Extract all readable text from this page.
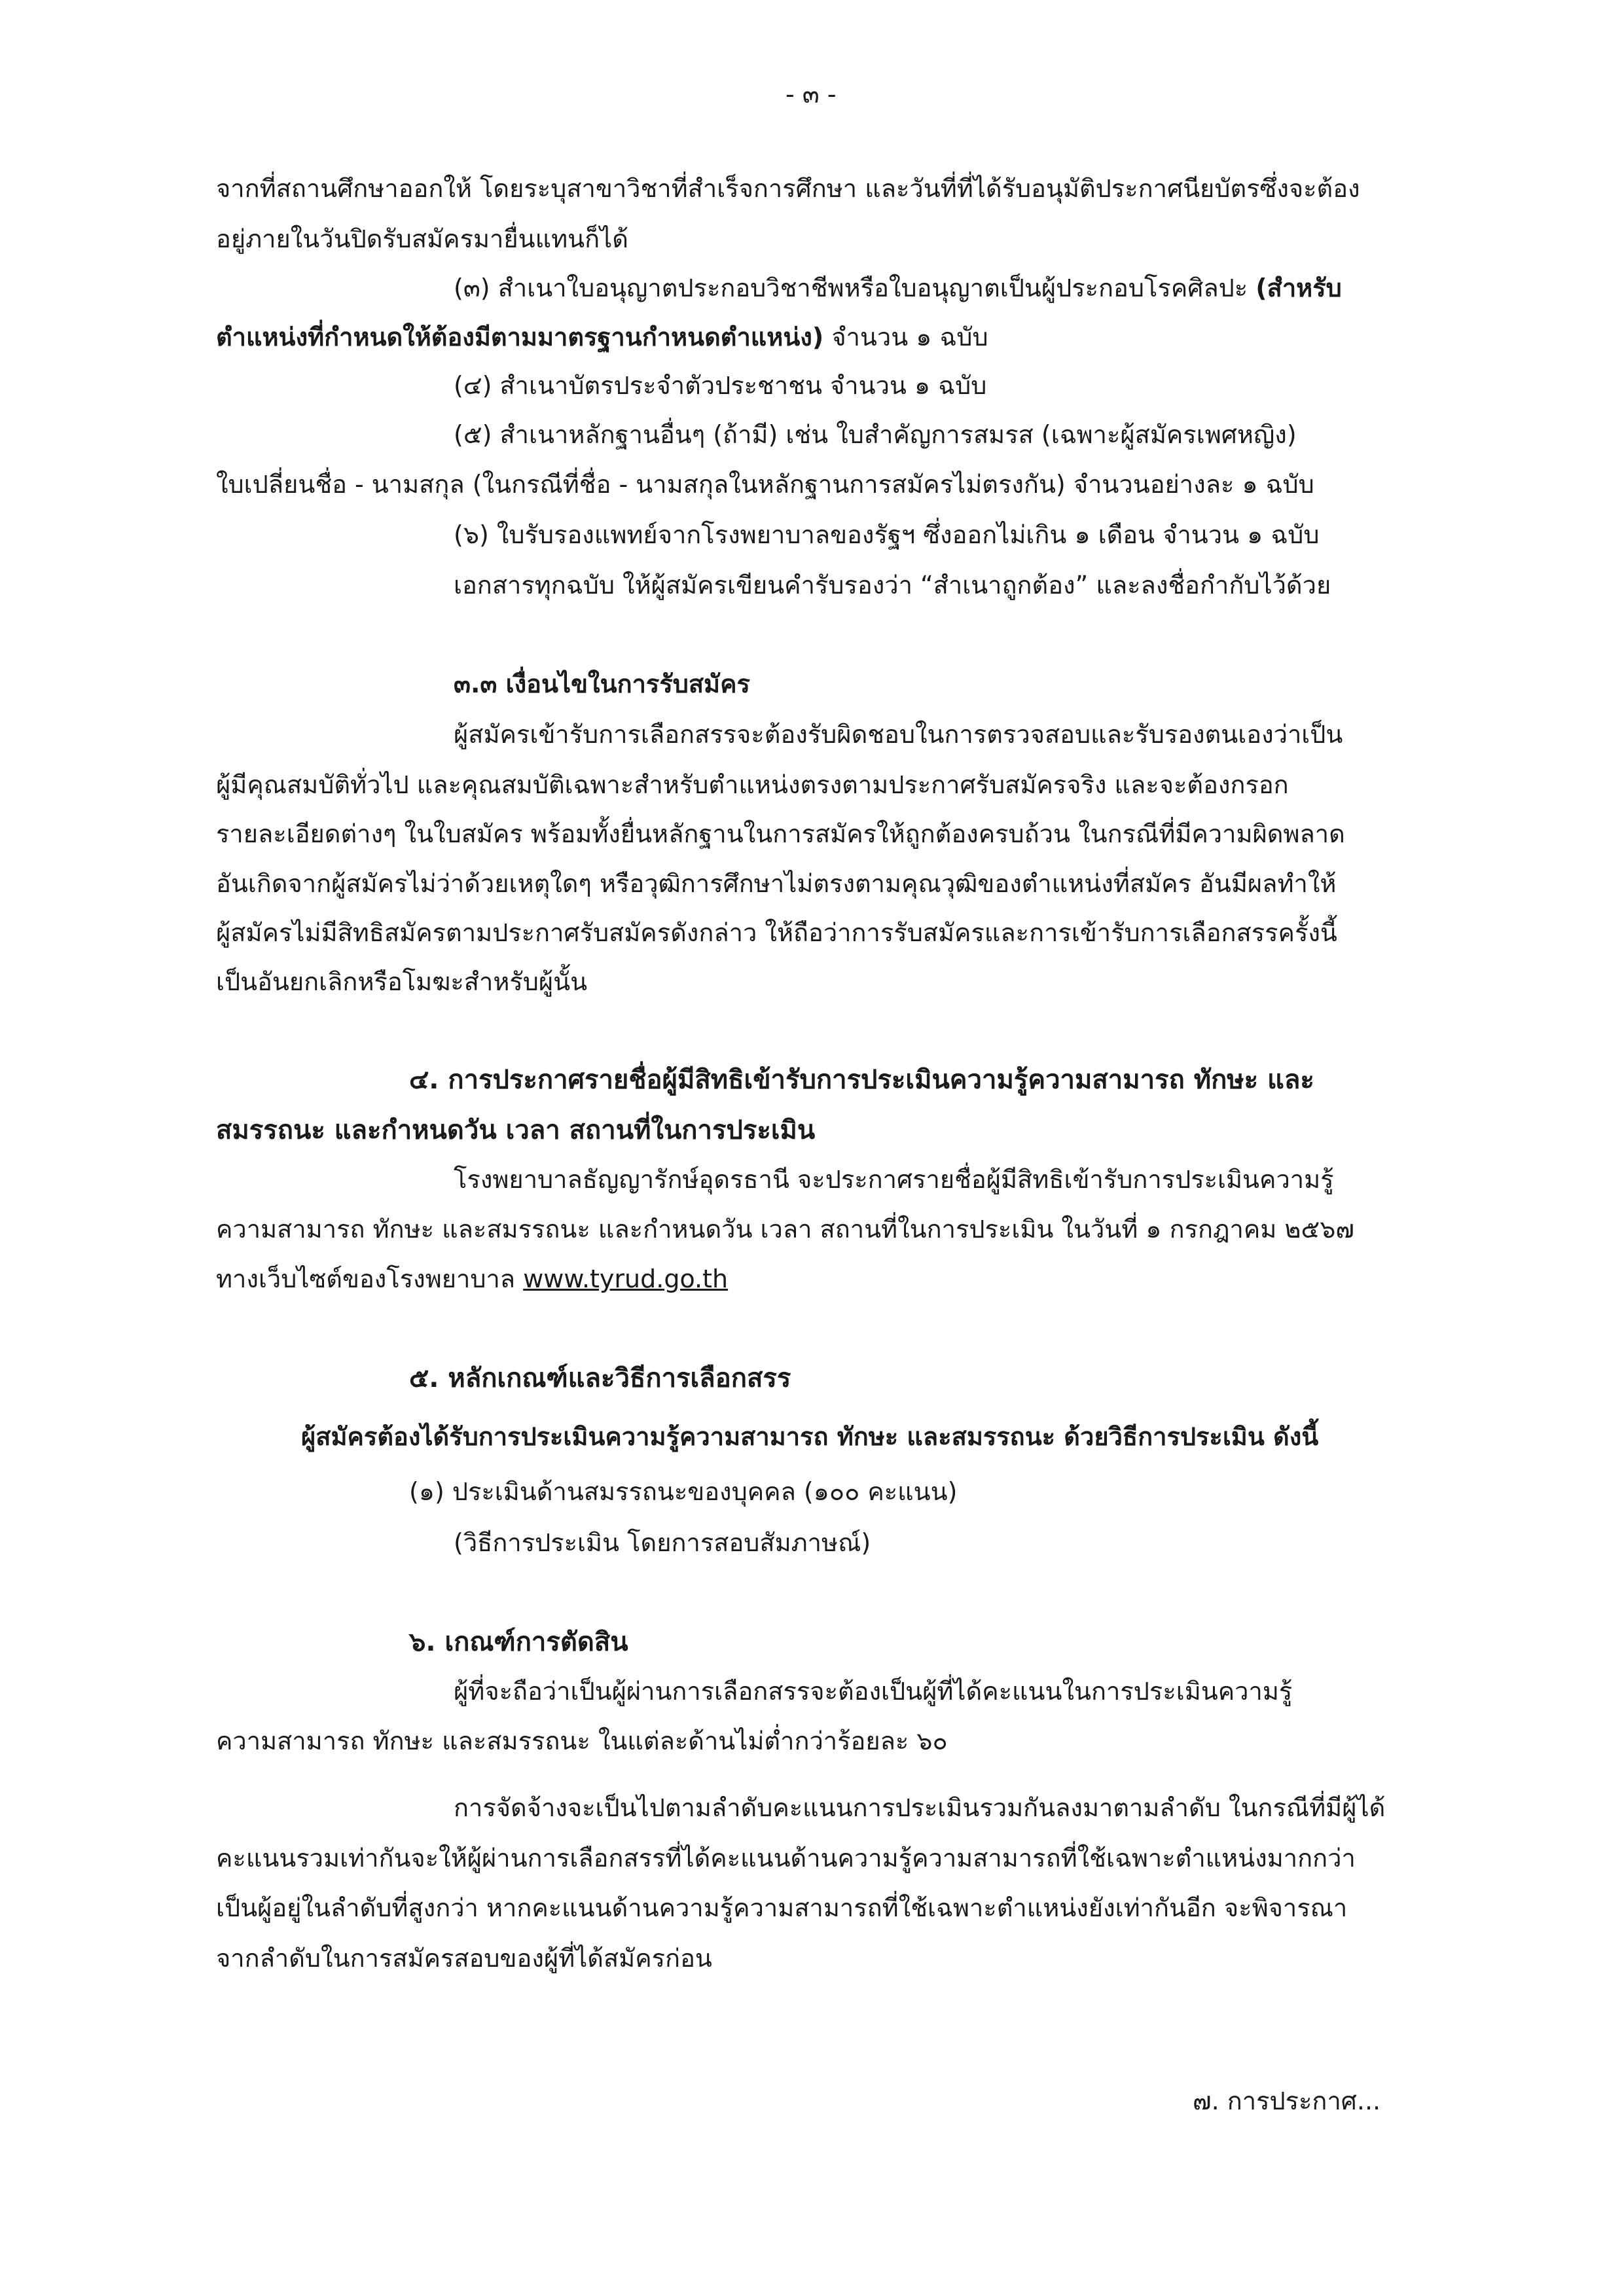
- ๓ -
จากที่สถานศึกษาออกให้ โดยระบุสาขาวิชาที่สำเร็จการศึกษา และวันที่ที่ได้รับอนุมัติประกาศนียบัตรซึ่งจะต้อง
อยู่ภายในวันปิดรับสมัครมายื่นแทนก็ได้
(๓) สำเนาใบอนุญาตประกอบวิชาชีพหรือใบอนุญาตเป็นผู้ประกอบโรคศิลปะ (สำหรับ
ตำแหน่งที่กำหนดให้ต้องมีตามมาตรฐานกำหนดตำแหน่ง) จำนวน ๑ ฉบับ
(๔) สำเนาบัตรประจำตัวประชาชน จำนวน ๑ ฉบับ
(๕) สำเนาหลักฐานอื่นๆ (ถ้ามี) เช่น ใบสำคัญการสมรส (เฉพาะผู้สมัครเพศหญิง)
ใบเปลี่ยนชื่อ - นามสกุล (ในกรณีที่ชื่อ - นามสกุลในหลักฐานการสมัครไม่ตรงกัน) จำนวนอย่างละ ๑ ฉบับ
(๖) ใบรับรองแพทย์จากโรงพยาบาลของรัฐฯ ซึ่งออกไม่เกิน ๑ เดือน จำนวน ๑ ฉบับ
เอกสารทุกฉบับ ให้ผู้สมัครเขียนคำรับรองว่า “สำเนาถูกต้อง” และลงชื่อกำกับไว้ด้วย
๓.๓ เงื่อนไขในการรับสมัคร
ผู้สมัครเข้ารับการเลือกสรรจะต้องรับผิดชอบในการตรวจสอบและรับรองตนเองว่าเป็น
ผู้มีคุณสมบัติทั่วไป และคุณสมบัติเฉพาะสำหรับตำแหน่งตรงตามประกาศรับสมัครจริง และจะต้องกรอก
รายละเอียดต่างๆ ในใบสมัคร พร้อมทั้งยื่นหลักฐานในการสมัครให้ถูกต้องครบถ้วน ในกรณีที่มีความผิดพลาด
อันเกิดจากผู้สมัครไม่ว่าด้วยเหตุใดๆ หรือวุฒิการศึกษาไม่ตรงตามคุณวุฒิของตำแหน่งที่สมัคร อันมีผลทำให้
ผู้สมัครไม่มีสิทธิสมัครตามประกาศรับสมัครดังกล่าว ให้ถือว่าการรับสมัครและการเข้ารับการเลือกสรรครั้งนี้
เป็นอันยกเลิกหรือโมฆะสำหรับผู้นั้น
๔. การประกาศรายชื่อผู้มีสิทธิเข้ารับการประเมินความรู้ความสามารถ ทักษะ และ
สมรรถนะ และกำหนดวัน เวลา สถานที่ในการประเมิน
โรงพยาบาลธัญญารักษ์อุดรธานี จะประกาศรายชื่อผู้มีสิทธิเข้ารับการประเมินความรู้
ความสามารถ ทักษะ และสมรรถนะ และกำหนดวัน เวลา สถานที่ในการประเมิน ในวันที่ ๑ กรกฎาคม ๒๕๖๗
ทางเว็บไซต์ของโรงพยาบาล www.tyrud.go.th
๕. หลักเกณฑ์และวิธีการเลือกสรร
ผู้สมัครต้องได้รับการประเมินความรู้ความสามารถ ทักษะ และสมรรถนะ ด้วยวิธีการประเมิน ดังนี้
(๑) ประเมินด้านสมรรถนะของบุคคล (๑๐๐ คะแนน)
(วิธีการประเมิน โดยการสอบสัมภาษณ์)
๖. เกณฑ์การตัดสิน
ผู้ที่จะถือว่าเป็นผู้ผ่านการเลือกสรรจะต้องเป็นผู้ที่ได้คะแนนในการประเมินความรู้
ความสามารถ ทักษะ และสมรรถนะ ในแต่ละด้านไม่ต่ำกว่าร้อยละ ๖๐
การจัดจ้างจะเป็นไปตามลำดับคะแนนการประเมินรวมกันลงมาตามลำดับ ในกรณีที่มีผู้ได้
คะแนนรวมเท่ากันจะให้ผู้ผ่านการเลือกสรรที่ได้คะแนนด้านความรู้ความสามารถที่ใช้เฉพาะตำแหน่งมากกว่า
เป็นผู้อยู่ในลำดับที่สูงกว่า หากคะแนนด้านความรู้ความสามารถที่ใช้เฉพาะตำแหน่งยังเท่ากันอีก จะพิจารณา
จากลำดับในการสมัครสอบของผู้ที่ได้สมัครก่อน
๗. การประกาศ...
